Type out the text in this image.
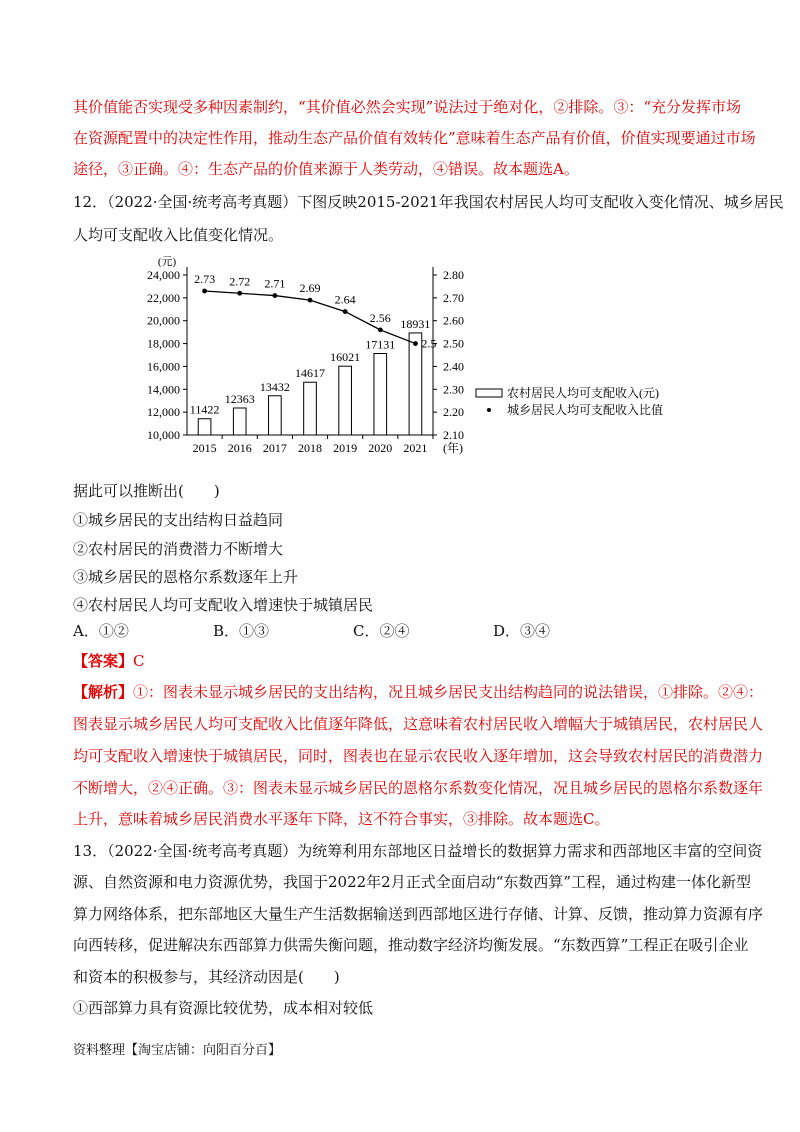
其价值能否实现受多种因素制约，“其价值必然会实现”说法过于绝对化，②排除。③：“充分发挥市场
在资源配置中的决定性作用，推动生态产品价值有效转化”意味着生态产品有价值，价值实现要通过市场
途径，③正确。④：生态产品的价值来源于人类劳动，④错误。故本题选A。
12．（2022·全国·统考高考真题）下图反映2015-2021年我国农村居民人均可支配收入变化情况、城乡居民
人均可支配收入比值变化情况。
10,000
12,000
14,000
16,000
18,000
20,000
22,000
24,000
(元)
2.10
2.20
2.30
2.40
2.50
2.60
2.70
2.80
11422
12363
13432
14617
16021
17131
18931
2015 2016 2017 2018 2019 2020 2021 (年)
2.73 2.72 2.71 2.69
2.64
2.56
2.5
农村居民人均可支配收入(元)
城乡居民人均可支配收入比值
据此可以推断出(　　)
①城乡居民的支出结构日益趋同
②农村居民的消费潜力不断增大
③城乡居民的恩格尔系数逐年上升
④农村居民人均可支配收入增速快于城镇居民
A．①②	B．①③	C．②④	D．③④
【答案】C
【解析】①：图表未显示城乡居民的支出结构，况且城乡居民支出结构趋同的说法错误，①排除。②④：
图表显示城乡居民人均可支配收入比值逐年降低，这意味着农村居民收入增幅大于城镇居民，农村居民人
均可支配收入增速快于城镇居民，同时，图表也在显示农民收入逐年增加，这会导致农村居民的消费潜力
不断增大，②④正确。③：图表未显示城乡居民的恩格尔系数变化情况，况且城乡居民的恩格尔系数逐年
上升，意味着城乡居民消费水平逐年下降，这不符合事实，③排除。故本题选C。
13．（2022·全国·统考高考真题）为统筹利用东部地区日益增长的数据算力需求和西部地区丰富的空间资
源、自然资源和电力资源优势，我国于2022年2月正式全面启动“东数西算”工程，通过构建一体化新型
算力网络体系，把东部地区大量生产生活数据输送到西部地区进行存储、计算、反馈，推动算力资源有序
向西转移，促进解决东西部算力供需失衡问题，推动数字经济均衡发展。“东数西算”工程正在吸引企业
和资本的积极参与，其经济动因是(　　)
①西部算力具有资源比较优势，成本相对较低
资料整理【淘宝店铺：向阳百分百】
